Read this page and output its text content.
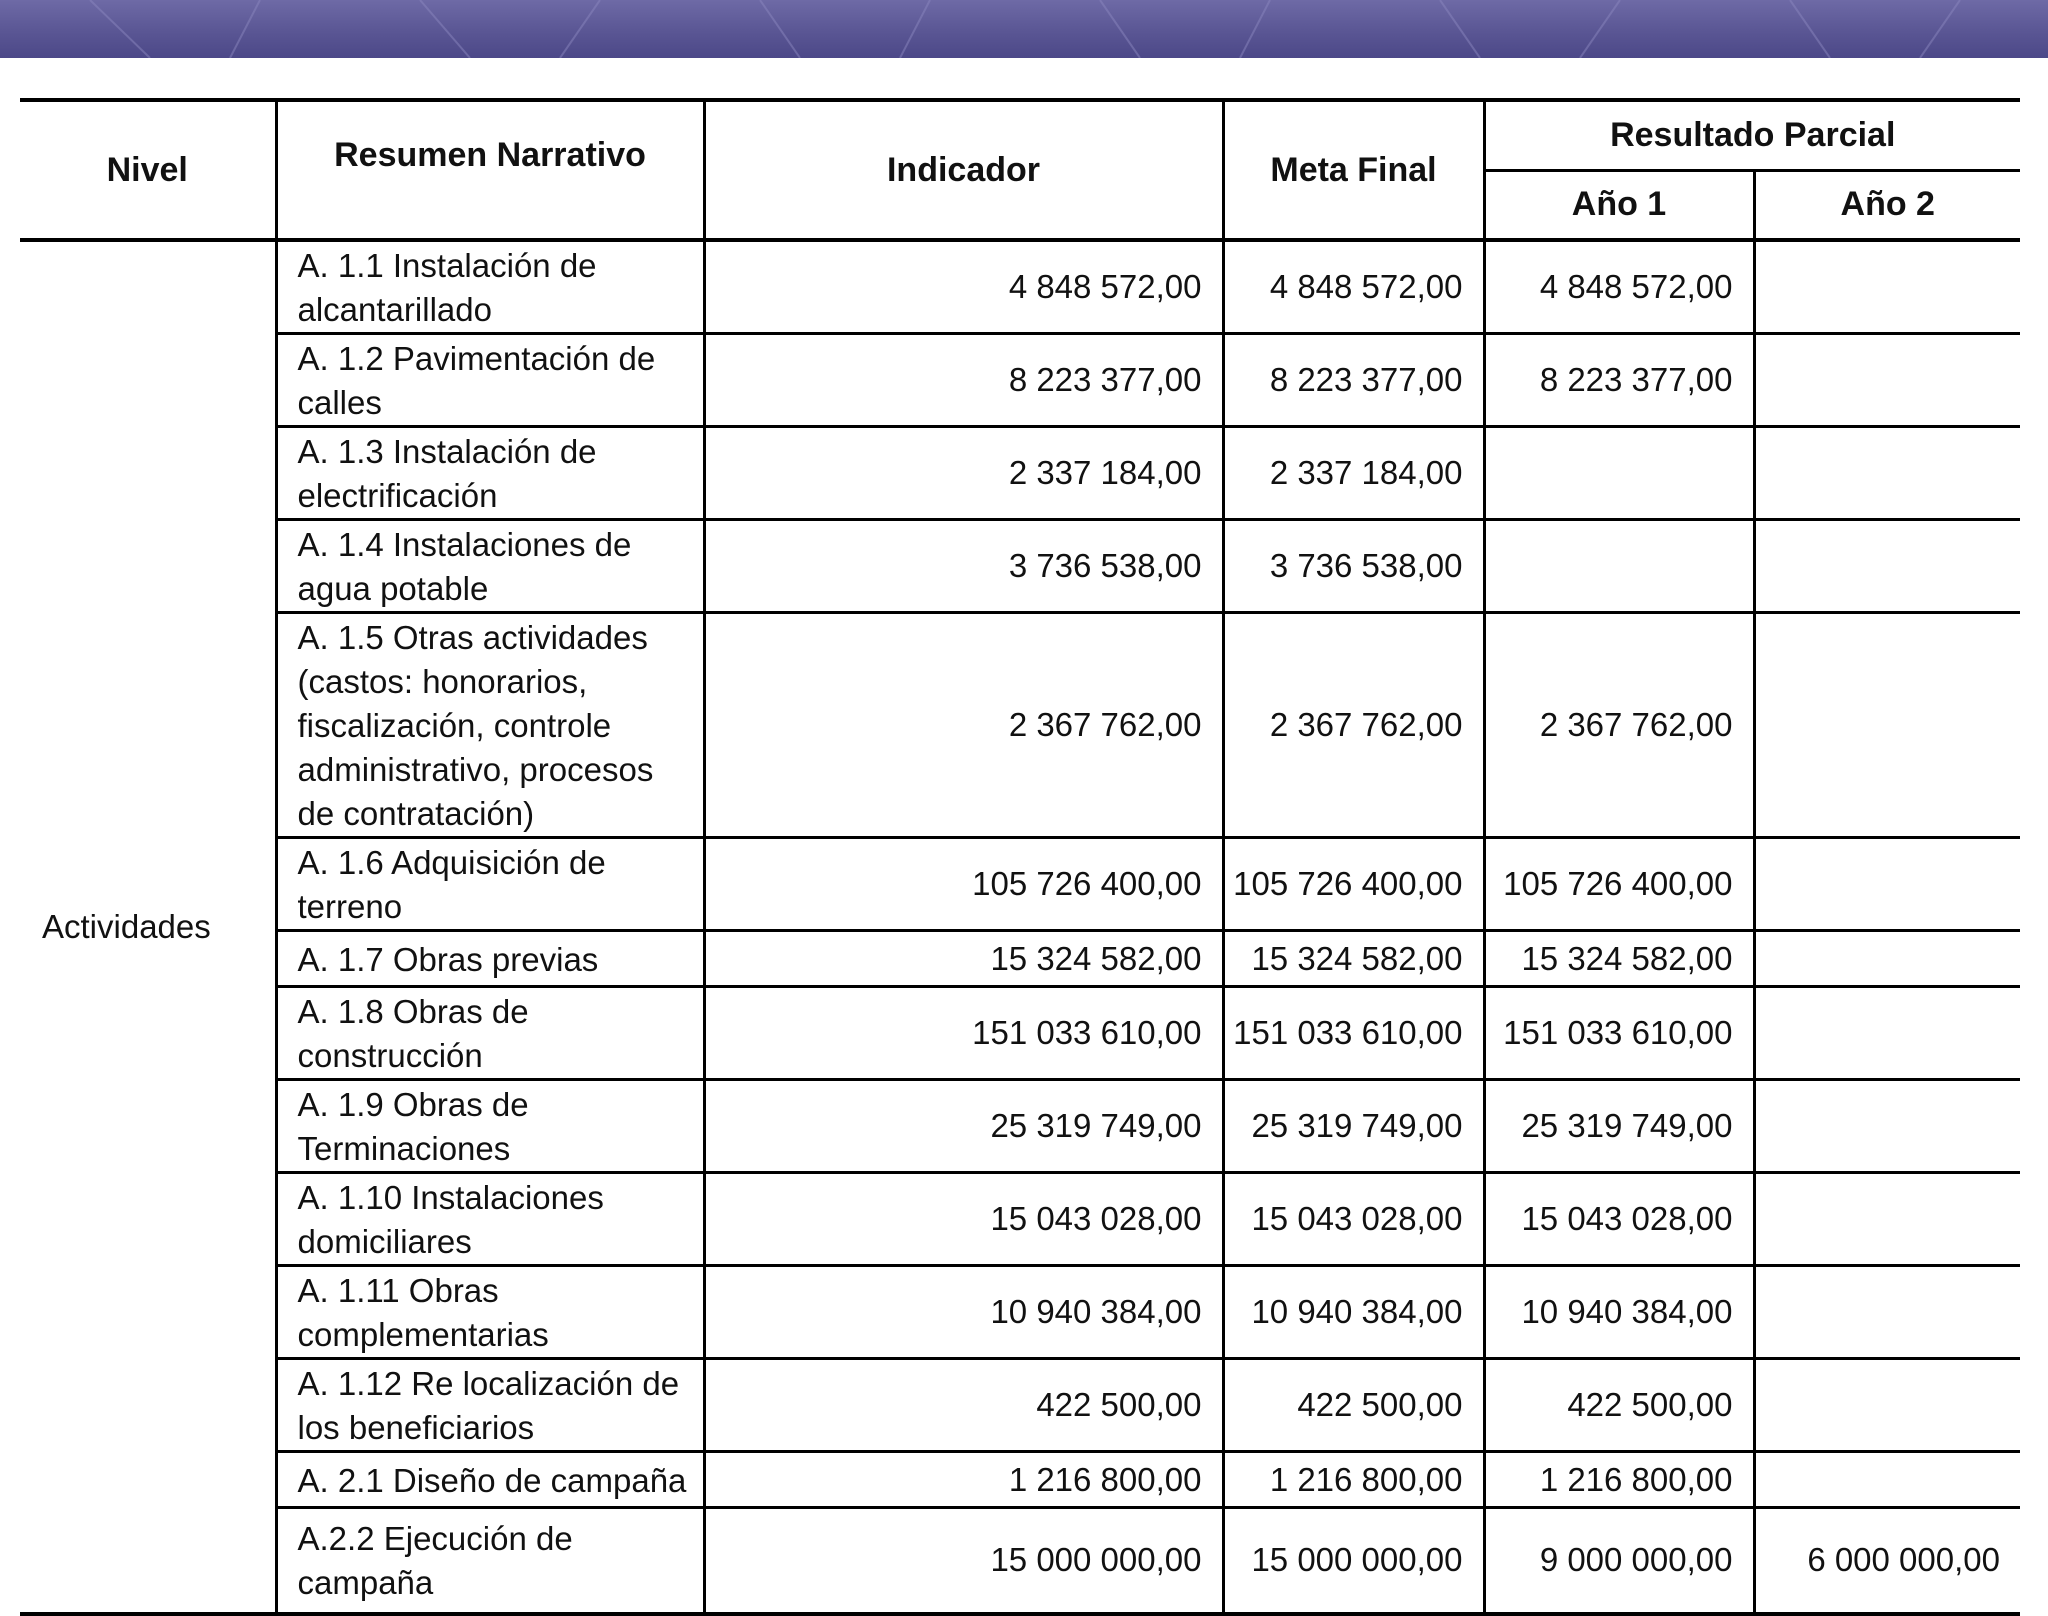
Nivel	Resumen Narrativo	Indicador	Meta Final	Resultado Parcial	
				Año 1	Año 2
Actividades	A. 1.1 Instalación de alcantarillado	4 848 572,00	4 848 572,00	4 848 572,00	
	A. 1.2 Pavimentación de calles	8 223 377,00	8 223 377,00	8 223 377,00	
	A. 1.3 Instalación de electrificación	2 337 184,00	2 337 184,00		
	A. 1.4 Instalaciones de agua potable	3 736 538,00	3 736 538,00		
	A. 1.5 Otras actividades (castos: honorarios, fiscalización, controle administrativo, procesos de contratación)	2 367 762,00	2 367 762,00	2 367 762,00	
	A. 1.6 Adquisición de terreno	105 726 400,00	105 726 400,00	105 726 400,00	
	A. 1.7 Obras previas	15 324 582,00	15 324 582,00	15 324 582,00	
	A. 1.8 Obras de construcción	151 033 610,00	151 033 610,00	151 033 610,00	
	A. 1.9 Obras de Terminaciones	25 319 749,00	25 319 749,00	25 319 749,00	
	A. 1.10 Instalaciones domiciliares	15 043 028,00	15 043 028,00	15 043 028,00	
	A. 1.11 Obras complementarias	10 940 384,00	10 940 384,00	10 940 384,00	
	A. 1.12 Re localización de los beneficiarios	422 500,00	422 500,00	422 500,00	
	A. 2.1 Diseño de campaña	1 216 800,00	1 216 800,00	1 216 800,00	
	A.2.2 Ejecución de campaña	15 000 000,00	15 000 000,00	9 000 000,00	6 000 000,00
